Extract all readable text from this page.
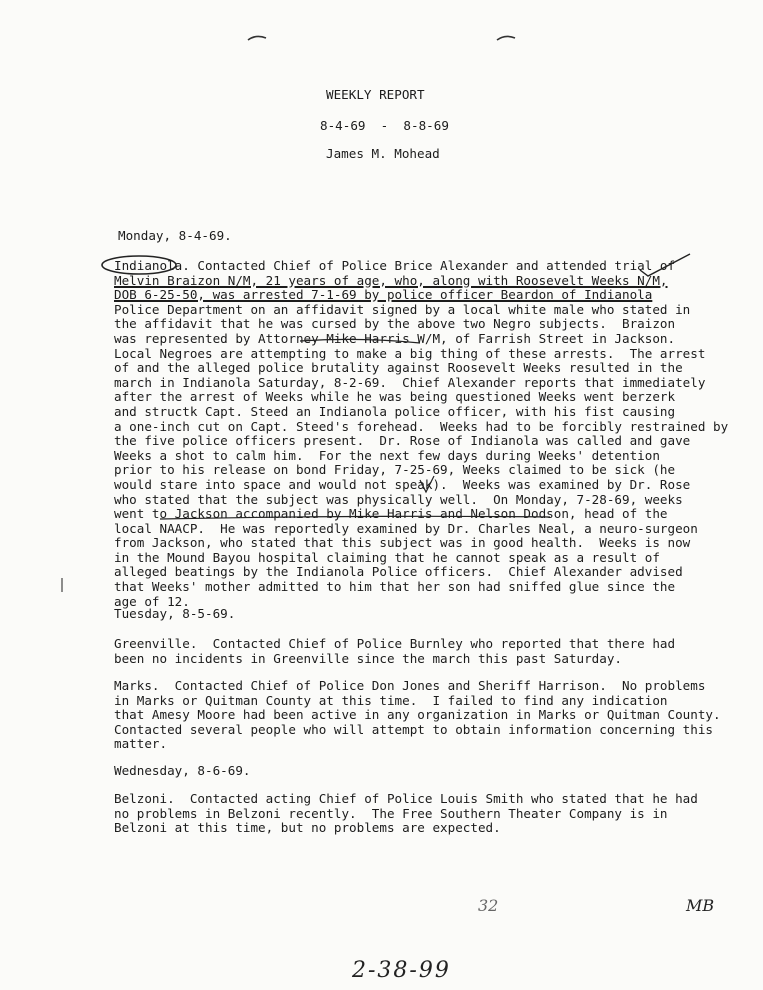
WEEKLY REPORT
8-4-69  -  8-8-69
James M. Mohead
Monday, 8-4-69.
Indianola. Contacted Chief of Police Brice Alexander and attended trial of
Melvin Braizon N/M, 21 years of age, who, along with Roosevelt Weeks N/M,
DOB 6-25-50, was arrested 7-1-69 by police officer Beardon of Indianola
Police Department on an affidavit signed by a local white male who stated in
the affidavit that he was cursed by the above two Negro subjects.  Braizon
was represented by Attorney Mike Harris W/M, of Farrish Street in Jackson.
Local Negroes are attempting to make a big thing of these arrests.  The arrest
of and the alleged police brutality against Roosevelt Weeks resulted in the
march in Indianola Saturday, 8-2-69.  Chief Alexander reports that immediately
after the arrest of Weeks while he was being questioned Weeks went berzerk
and structk Capt. Steed an Indianola police officer, with his fist causing
a one-inch cut on Capt. Steed's forehead.  Weeks had to be forcibly restrained by
the five police officers present.  Dr. Rose of Indianola was called and gave
Weeks a shot to calm him.  For the next few days during Weeks' detention
prior to his release on bond Friday, 7-25-69, Weeks claimed to be sick (he
would stare into space and would not speak).  Weeks was examined by Dr. Rose
who stated that the subject was physically well.  On Monday, 7-28-69, weeks
went to Jackson accompanied by Mike Harris and Nelson Dodson, head of the
local NAACP.  He was reportedly examined by Dr. Charles Neal, a neuro-surgeon
from Jackson, who stated that this subject was in good health.  Weeks is now
in the Mound Bayou hospital claiming that he cannot speak as a result of
alleged beatings by the Indianola Police officers.  Chief Alexander advised
that Weeks' mother admitted to him that her son had sniffed glue since the
age of 12.
Tuesday, 8-5-69.
Greenville.  Contacted Chief of Police Burnley who reported that there had
been no incidents in Greenville since the march this past Saturday.
Marks.  Contacted Chief of Police Don Jones and Sheriff Harrison.  No problems
in Marks or Quitman County at this time.  I failed to find any indication
that Amesy Moore had been active in any organization in Marks or Quitman County.
Contacted several people who will attempt to obtain information concerning this
matter.
Wednesday, 8-6-69.
Belzoni.  Contacted acting Chief of Police Louis Smith who stated that he had
no problems in Belzoni recently.  The Free Southern Theater Company is in
Belzoni at this time, but no problems are expected.
32	MB
2-38-99
